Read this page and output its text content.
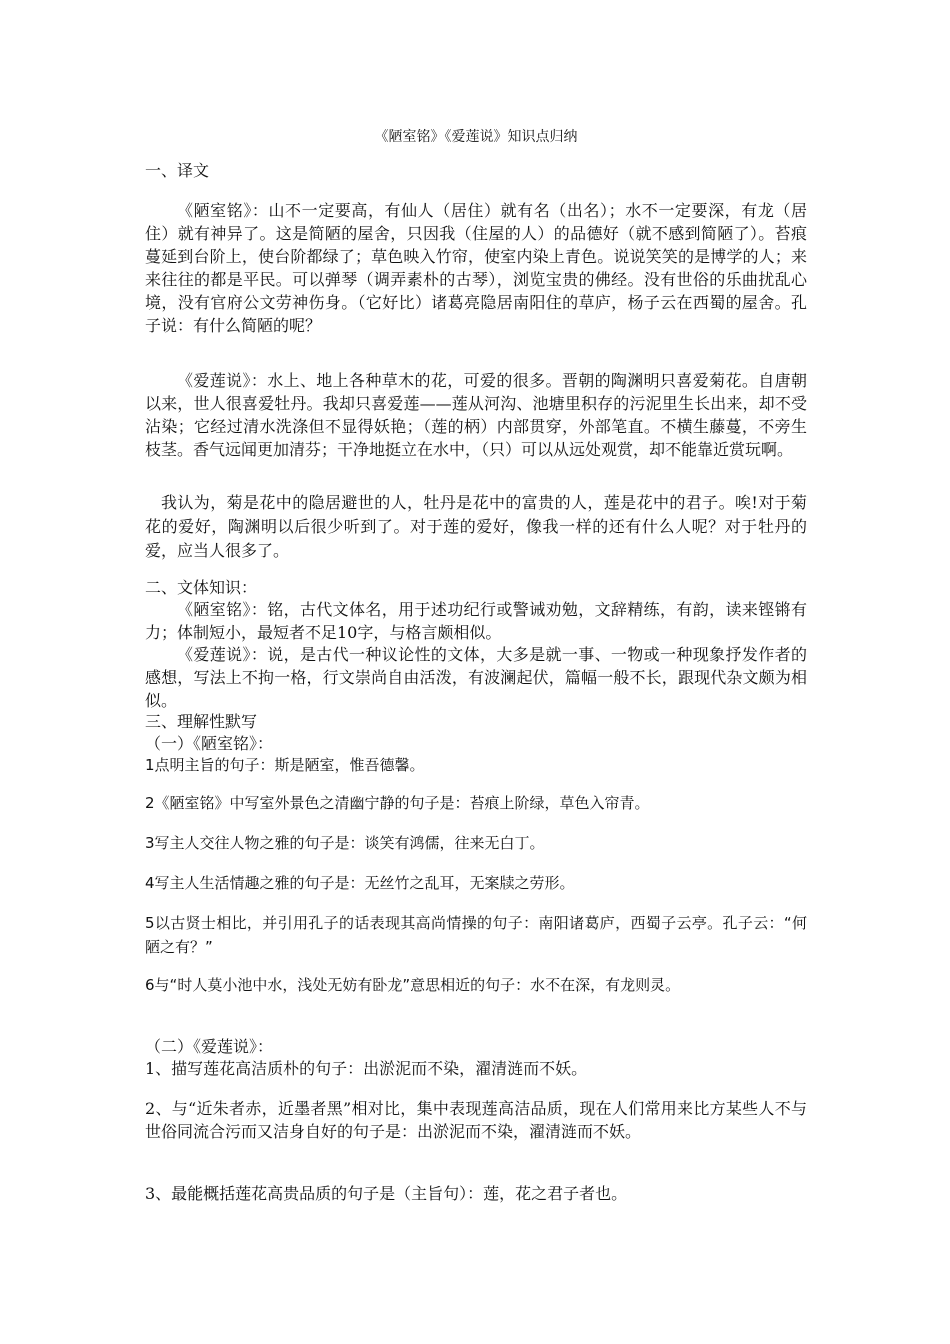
《陋室铭》《爱莲说》知识点归纳
一、译文

《陋室铭》：山不一定要高，有仙人（居住）就有名（出名）；水不一定要深，有龙（居住）就有神异了。这是简陋的屋舍，只因我（住屋的人）的品德好（就不感到简陋了）。苔痕蔓延到台阶上，使台阶都绿了；草色映入竹帘，使室内染上青色。说说笑笑的是博学的人；来来往往的都是平民。可以弹琴（调弄素朴的古琴），浏览宝贵的佛经。没有世俗的乐曲扰乱心境，没有官府公文劳神伤身。（它好比）诸葛亮隐居南阳住的草庐，杨子云在西蜀的屋舍。孔子说：有什么简陋的呢？

《爱莲说》：水上、地上各种草木的花，可爱的很多。晋朝的陶渊明只喜爱菊花。自唐朝以来，世人很喜爱牡丹。我却只喜爱莲——莲从河沟、池塘里积存的污泥里生长出来，却不受沾染；它经过清水洗涤但不显得妖艳；（莲的柄）内部贯穿，外部笔直。不横生藤蔓，不旁生枝茎。香气远闻更加清芬；干净地挺立在水中，（只）可以从远处观赏，却不能靠近赏玩啊。

我认为，菊是花中的隐居避世的人，牡丹是花中的富贵的人，莲是花中的君子。唉!对于菊花的爱好，陶渊明以后很少听到了。对于莲的爱好，像我一样的还有什么人呢？对于牡丹的爱，应当人很多了。

二、文体知识：

《陋室铭》：铭，古代文体名，用于述功纪行或警诫劝勉，文辞精练，有韵，读来铿锵有力；体制短小，最短者不足10字，与格言颇相似。

《爱莲说》：说，是古代一种议论性的文体，大多是就一事、一物或一种现象抒发作者的感想，写法上不拘一格，行文崇尚自由活泼，有波澜起伏，篇幅一般不长，跟现代杂文颇为相似。

三、理解性默写
（一）《陋室铭》：

1点明主旨的句子：斯是陋室，惟吾德馨。

2《陋室铭》中写室外景色之清幽宁静的句子是：苔痕上阶绿，草色入帘青。

3写主人交往人物之雅的句子是：谈笑有鸿儒，往来无白丁。

4写主人生活情趣之雅的句子是：无丝竹之乱耳，无案牍之劳形。

5以古贤士相比，并引用孔子的话表现其高尚情操的句子：南阳诸葛庐，西蜀子云亭。孔子云：“何陋之有？”

6与“时人莫小池中水，浅处无妨有卧龙”意思相近的句子：水不在深，有龙则灵。

（二）《爱莲说》：

1、描写莲花高洁质朴的句子：出淤泥而不染，濯清涟而不妖。

2、与“近朱者赤，近墨者黑”相对比，集中表现莲高洁品质，现在人们常用来比方某些人不与世俗同流合污而又洁身自好的句子是：出淤泥而不染，濯清涟而不妖。

3、最能概括莲花高贵品质的句子是（主旨句）：莲，花之君子者也。
